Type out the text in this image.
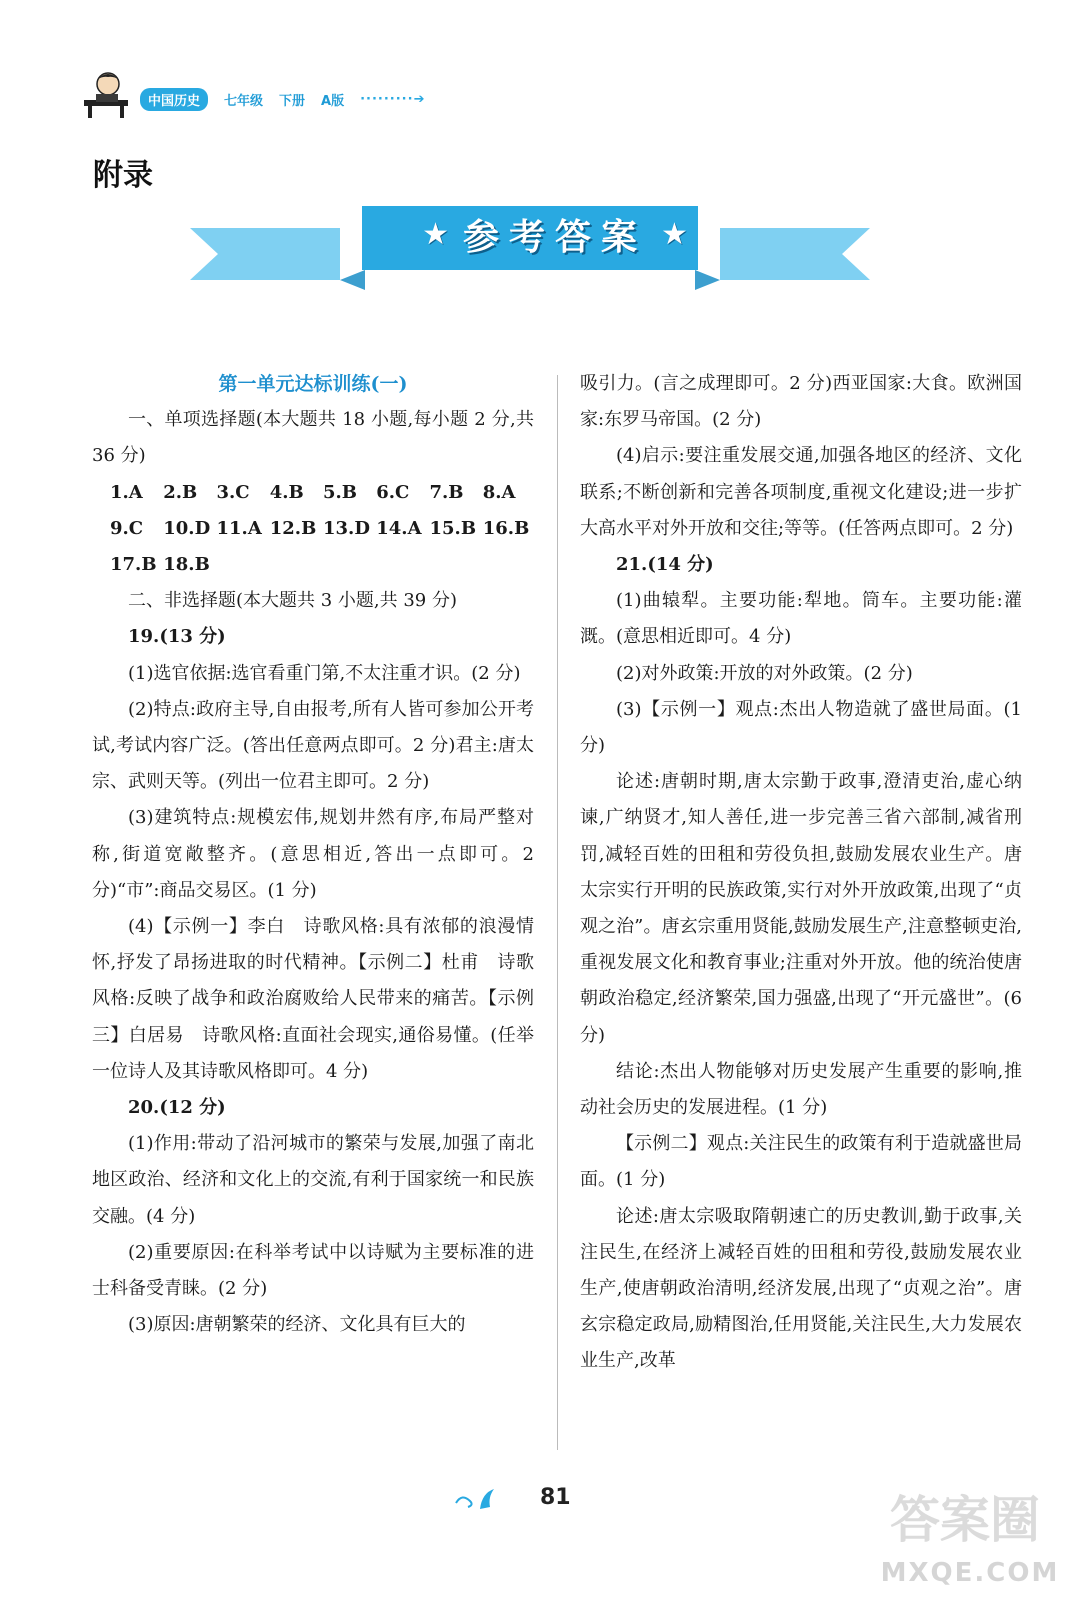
中国历史	七年级 下册 A版 ·········➔
附录
★ 参考答案 ★

第一单元达标训练(一)

一、单项选择题(本大题共 18 小题,每小题 2 分,共 36 分)

1.A	2.B	3.C	4.B	5.B	6.C	7.B	8.A
9.C	10.D 11.A 12.B 13.D 14.A 15.B 16.B
17.B 18.B

二、非选择题(本大题共 3 小题,共 39 分)

19.(13 分)

(1)选官依据:选官看重门第,不太注重才识。(2 分)

(2)特点:政府主导,自由报考,所有人皆可参加公开考试,考试内容广泛。(答出任意两点即可。2 分)君主:唐太宗、武则天等。(列出一位君主即可。2 分)

(3)建筑特点:规模宏伟,规划井然有序,布局严整对称,街道宽敞整齐。(意思相近,答出一点即可。2 分)“市”:商品交易区。(1 分)

(4)【示例一】李白　诗歌风格:具有浓郁的浪漫情怀,抒发了昂扬进取的时代精神。【示例二】杜甫　诗歌风格:反映了战争和政治腐败给人民带来的痛苦。【示例三】白居易　诗歌风格:直面社会现实,通俗易懂。(任举一位诗人及其诗歌风格即可。4 分)

20.(12 分)

(1)作用:带动了沿河城市的繁荣与发展,加强了南北地区政治、经济和文化上的交流,有利于国家统一和民族交融。(4 分)

(2)重要原因:在科举考试中以诗赋为主要标准的进士科备受青睐。(2 分)

(3)原因:唐朝繁荣的经济、文化具有巨大的

吸引力。(言之成理即可。2 分)西亚国家:大食。欧洲国家:东罗马帝国。(2 分)

(4)启示:要注重发展交通,加强各地区的经济、文化联系;不断创新和完善各项制度,重视文化建设;进一步扩大高水平对外开放和交往;等等。(任答两点即可。2 分)

21.(14 分)

(1)曲辕犁。主要功能:犁地。筒车。主要功能:灌溉。(意思相近即可。4 分)

(2)对外政策:开放的对外政策。(2 分)

(3)【示例一】观点:杰出人物造就了盛世局面。(1 分)

论述:唐朝时期,唐太宗勤于政事,澄清吏治,虚心纳谏,广纳贤才,知人善任,进一步完善三省六部制,减省刑罚,减轻百姓的田租和劳役负担,鼓励发展农业生产。唐太宗实行开明的民族政策,实行对外开放政策,出现了“贞观之治”。唐玄宗重用贤能,鼓励发展生产,注意整顿吏治,重视发展文化和教育事业;注重对外开放。他的统治使唐朝政治稳定,经济繁荣,国力强盛,出现了“开元盛世”。(6 分)

结论:杰出人物能够对历史发展产生重要的影响,推动社会历史的发展进程。(1 分)

【示例二】观点:关注民生的政策有利于造就盛世局面。(1 分)

论述:唐太宗吸取隋朝速亡的历史教训,勤于政事,关注民生,在经济上减轻百姓的田租和劳役,鼓励发展农业生产,使唐朝政治清明,经济发展,出现了“贞观之治”。唐玄宗稳定政局,励精图治,任用贤能,关注民生,大力发展农业生产,改革

81	答案圈
MXQE.COM
